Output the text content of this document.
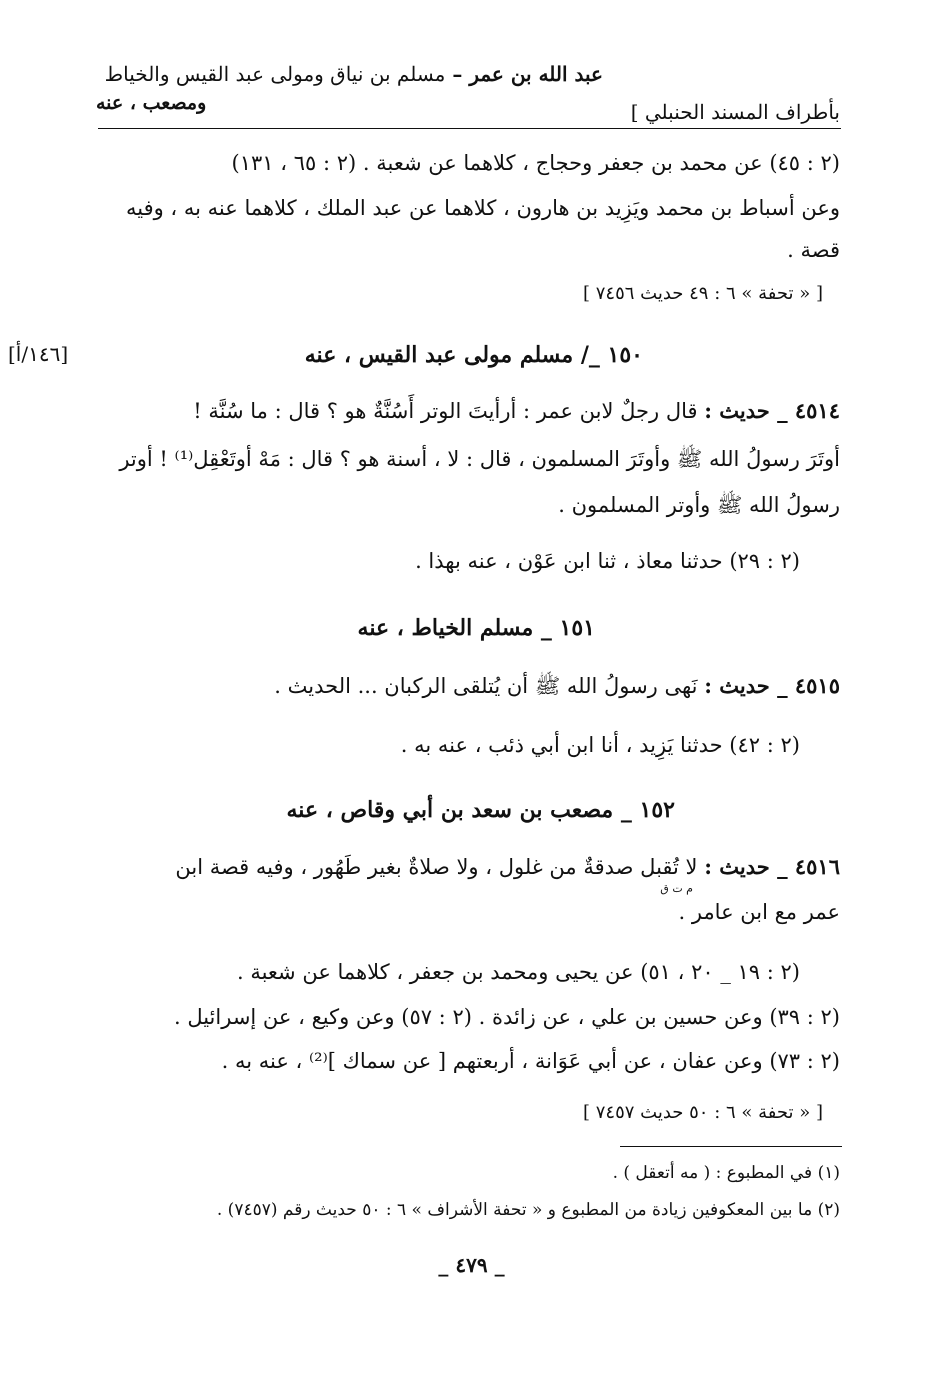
عبد الله بن عمر – مسلم بن نياق ومولى عبد القيس والخياط
ومصعب ، عنه	بأطراف المسند الحنبلي ]
(٢ : ٤٥) عن محمد بن جعفر وحجاج ، كلاهما عن شعبة . (٢ : ٦٥ ، ١٣١)
وعن أسباط بن محمد ويَزِيد بن هارون ، كلاهما عن عبد الملك ، كلاهما عنه به ، وفيه
قصة .
[ « تحفة » ٦ : ٤٩ حديث ٧٤٥٦ ]
[١٤٦/أ]	١٥٠ _/ مسلم مولى عبد القيس ، عنه
٤٥١٤ _ حديث : قال رجلٌ لابن عمر : أرأيتَ الوتر أَسُنَّةٌ هو ؟ قال : ما سُنَّة !
أوتَرَ رسولُ الله ﷺ وأوتَرَ المسلمون ، قال : لا ، أسنة هو ؟ قال : مَهْ أوتَعْقِل⁽¹⁾ ! أوتر
رسولُ الله ﷺ وأوتر المسلمون .
(٢ : ٢٩) حدثنا معاذ ، ثنا ابن عَوْن ، عنه بهذا .
١٥١ _ مسلم الخياط ، عنه
٤٥١٥ _ حديث : نَهى رسولُ الله ﷺ أن يُتلقى الركبان ... الحديث .
(٢ : ٤٢) حدثنا يَزِيد ، أنا ابن أبي ذئب ، عنه به .
١٥٢ _ مصعب بن سعد بن أبي وقاص ، عنه
٤٥١٦ _ حديث : لا تُقبل صدقةٌ من غلول ، ولا صلاةٌ بغير طَهُور ، وفيه قصة ابن
م ت ق
عمر مع ابن عامر .
(٢ : ١٩ _ ٢٠ ، ٥١) عن يحيى ومحمد بن جعفر ، كلاهما عن شعبة .
(٢ : ٣٩) وعن حسين بن علي ، عن زائدة . (٢ : ٥٧) وعن وكيع ، عن إسرائيل .
(٢ : ٧٣) وعن عفان ، عن أبي عَوَانة ، أربعتهم [ عن سماك ]⁽²⁾ ، عنه به .
[ « تحفة » ٦ : ٥٠ حديث ٧٤٥٧ ]
(١) في المطبوع : ( مه أتعقل ) .
(٢) ما بين المعكوفين زيادة من المطبوع و « تحفة الأشراف » ٦ : ٥٠ حديث رقم (٧٤٥٧) .
_ ٤٧٩ _
